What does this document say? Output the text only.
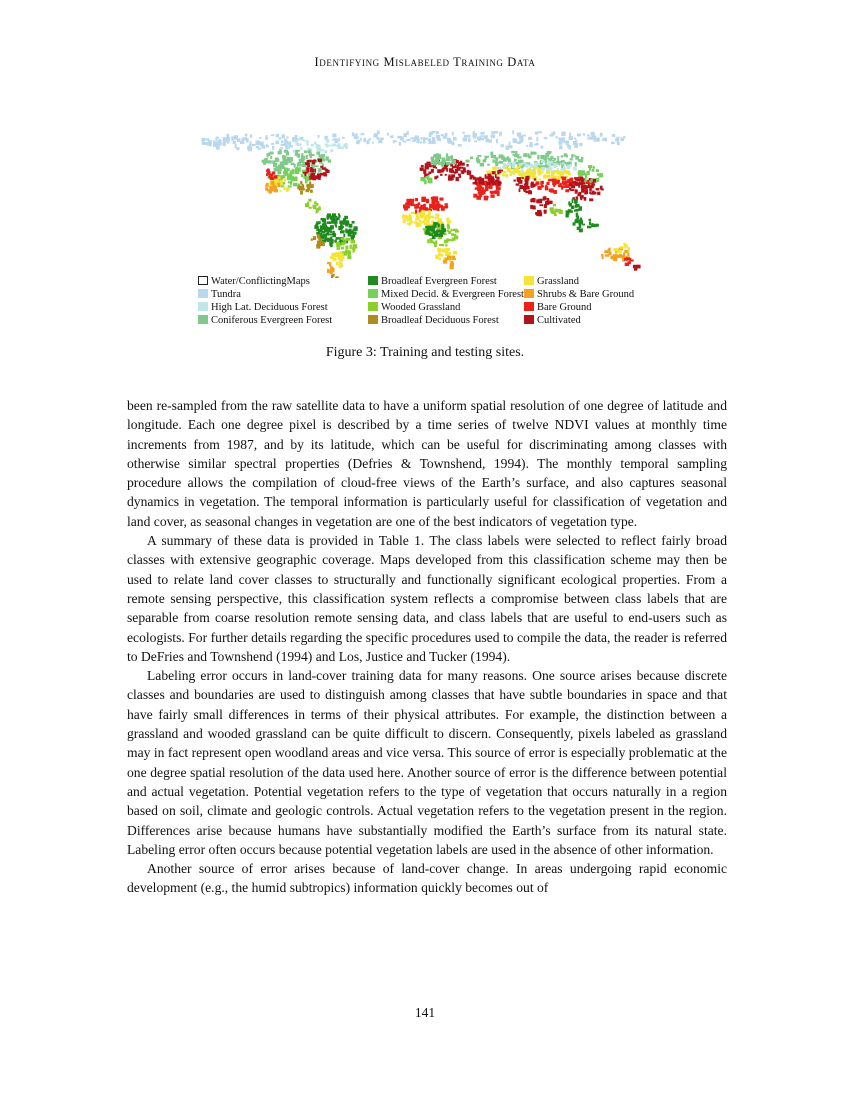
Identifying Mislabeled Training Data
Water/ConflictingMaps
Tundra
High Lat. Deciduous Forest
Coniferous Evergreen Forest
Broadleaf Evergreen Forest
Mixed Decid. & Evergreen Forest
Wooded Grassland
Broadleaf Deciduous Forest
Grassland
Shrubs & Bare Ground
Bare Ground
Cultivated
Figure 3: Training and testing sites.

been re-sampled from the raw satellite data to have a uniform spatial resolution of one degree of latitude and longitude. Each one degree pixel is described by a time series of twelve NDVI values at monthly time increments from 1987, and by its latitude, which can be useful for discriminating among classes with otherwise similar spectral properties (Defries & Townshend, 1994). The monthly temporal sampling procedure allows the compilation of cloud-free views of the Earth’s surface, and also captures seasonal dynamics in vegetation. The temporal information is particularly useful for classification of vegetation and land cover, as seasonal changes in vegetation are one of the best indicators of vegetation type.

A summary of these data is provided in Table 1. The class labels were selected to reflect fairly broad classes with extensive geographic coverage. Maps developed from this classification scheme may then be used to relate land cover classes to structurally and functionally significant ecological properties. From a remote sensing perspective, this classification system reflects a compromise between class labels that are separable from coarse resolution remote sensing data, and class labels that are useful to end-users such as ecologists. For further details regarding the specific procedures used to compile the data, the reader is referred to DeFries and Townshend (1994) and Los, Justice and Tucker (1994).

Labeling error occurs in land-cover training data for many reasons. One source arises because discrete classes and boundaries are used to distinguish among classes that have subtle boundaries in space and that have fairly small differences in terms of their physical attributes. For example, the distinction between a grassland and wooded grassland can be quite difficult to discern. Consequently, pixels labeled as grassland may in fact represent open woodland areas and vice versa. This source of error is especially problematic at the one degree spatial resolution of the data used here. Another source of error is the difference between potential and actual vegetation. Potential vegetation refers to the type of vegetation that occurs naturally in a region based on soil, climate and geologic controls. Actual vegetation refers to the vegetation present in the region. Differences arise because humans have substantially modified the Earth’s surface from its natural state. Labeling error often occurs because potential vegetation labels are used in the absence of other information.

Another source of error arises because of land-cover change. In areas undergoing rapid economic development (e.g., the humid subtropics) information quickly becomes out of

141
